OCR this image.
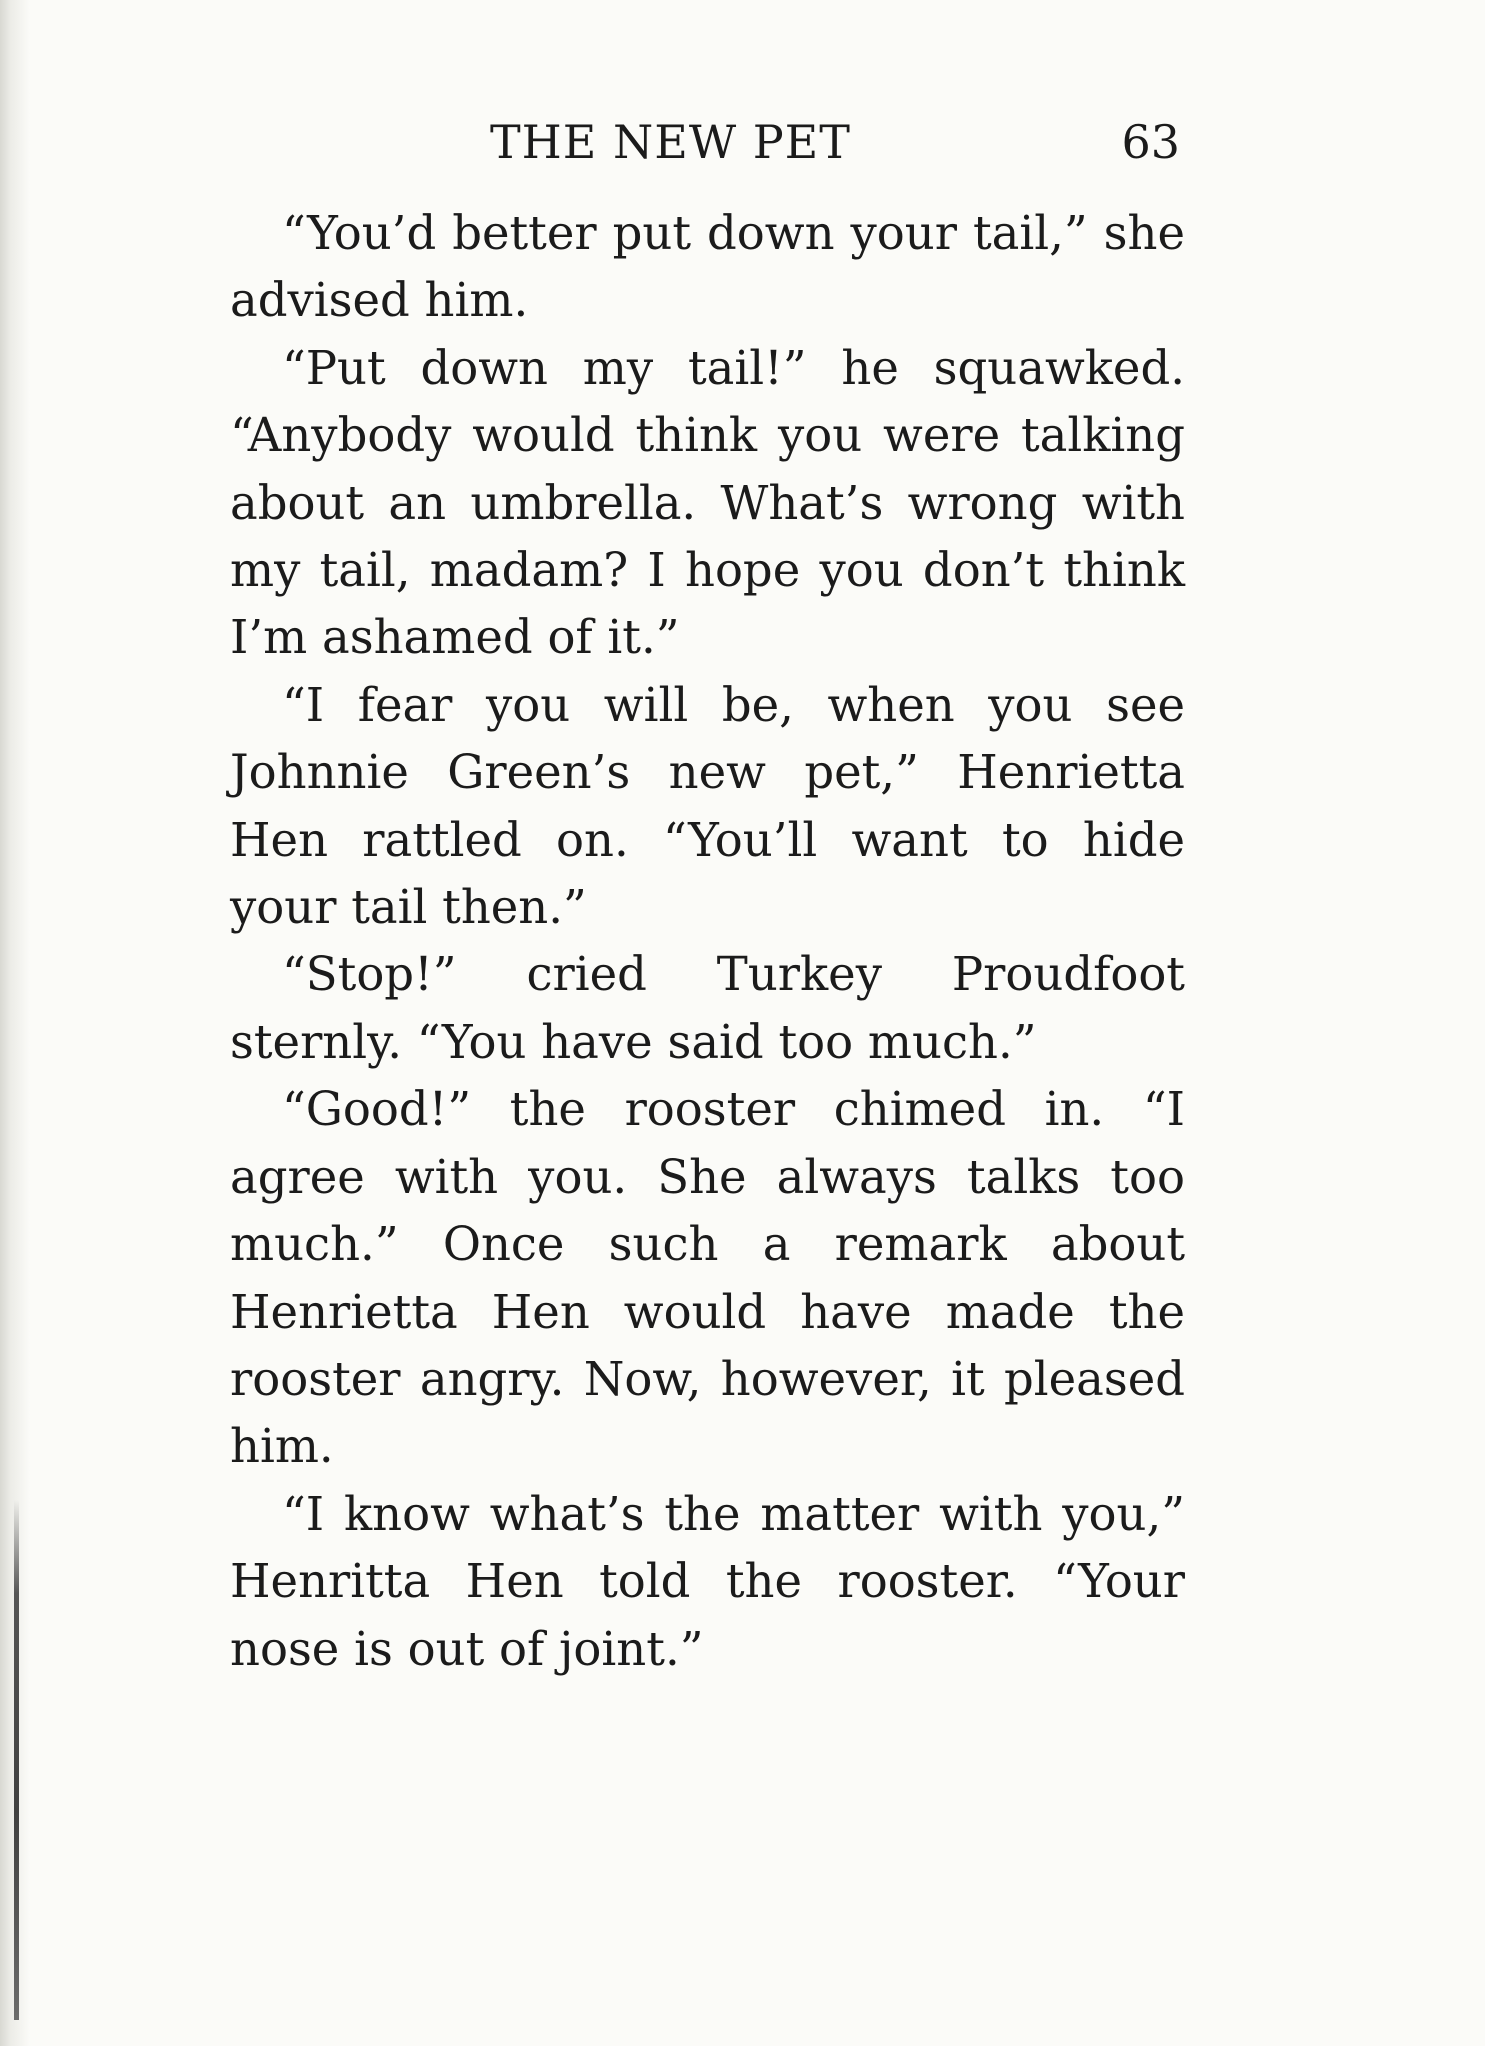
THE NEW PET	63

“You’d better put down your tail,” she advised him.

“Put down my tail!” he squawked. “Anybody would think you were talking about an umbrella. What’s wrong with my tail, madam? I hope you don’t think I’m ashamed of it.”

“I fear you will be, when you see Johnnie Green’s new pet,” Henrietta Hen rattled on. “You’ll want to hide your tail then.”

“Stop!” cried Turkey Proudfoot sternly. “You have said too much.”

“Good!” the rooster chimed in. “I agree with you. She always talks too much.” Once such a remark about Henrietta Hen would have made the rooster angry. Now, however, it pleased him.

“I know what’s the matter with you,” Henritta Hen told the rooster. “Your nose is out of joint.”
